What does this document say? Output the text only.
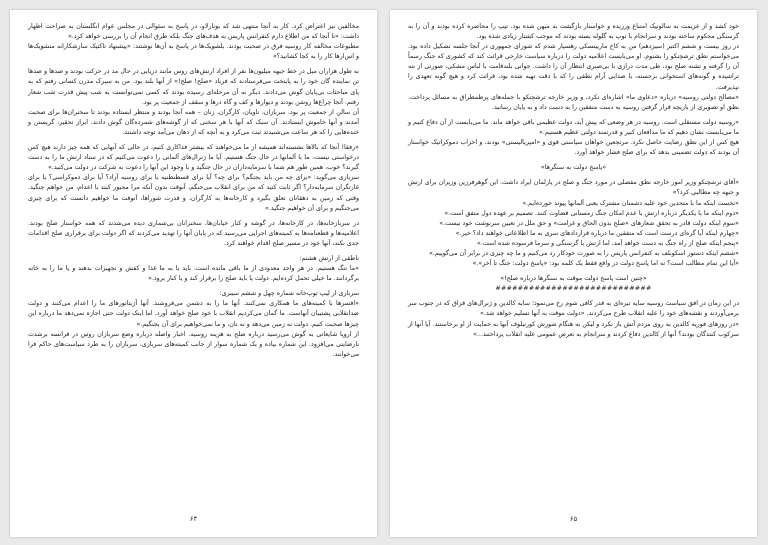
مخالفین نیز اعتراض کرد. کار به آنجا منتهی شد که بونارلاو، در پاسخ به سئوالی در مجلس عوام انگلستان به صراحت اظهار داشت: «تا آنجا که من اطلاع دارم کنفرانس پاریس به هدف‌های جنگ بلکه طرق انجام آن را بررسی خواهد کرد.»

مطبوعات مخالفه کار روسیه فرق در صحبت بودند. بلشویک‌ها در پاسخ به آن‌ها نوشتند: «پیشنهاد تاکتیک سازشکارانه منشویک‌ها و اس‌ارها کار را به کجا کشانید؟»

به طول هزاران میل در خط جبهه میلیون‌ها نفر از افراد ارتش‌های روس مانند دریایی در حال مد در حرکت بودند و صدها و صدها تن نماینده گان خود را به پایتخت می‌فرستادند که فریاد «صلح! صلح!» از آنها بلند بود. من به سیرک مدرن کسانی رفتم که به پای مباحثات بی‌پایان گوش می‌دادند. دیگر به آن مرحله‌ای رسیده بودند که کسی نمی‌توانست به شب پیش قدرت شب شعار رفتم. آنجا چراغ‌ها روشن بودند و دیوارها و کف و گاه درها و سقف از جمعیت پر بود.

آن سالن از جمعیت پر بود. سربازان، ناویان، کارگران، زنان – همه آنجا بودند و منتظر ایستاده بودند تا سخنران‌ها برای صحبت آمدند و آنها خاموش ایستادند. آن سبک که آنها با هر سخنی که از گوشه‌های شمرده‌گان گوش دادند، ابراز تحقیر، گریستن و خنده‌هایی را که هر ساعت می‌شنیدند ثبت می‌کرد و به آنچه که از دهان می‌آمد توجه داشتند.

«رفقا! آنجا که بالاها نشسته‌اند همیشه از ما می‌خواهند که بیشتر فداکاری کنیم، در حالی که آنهایی که همه چیز دارند هیچ کس درخواستی نیست. ما با آلمانها در حال جنگ هستیم. آیا ما ژنرال‌های آلمانی را دعوت می‌کنیم که در ستاد ارتش ما را به دست گیرند؟ خوب، همین طور هم شما با سرمایه‌داران در حال جنگید و با وجود این آنها را دعوت به شرکت در دولت می‌کنید.»

سربازی می‌گوید: «برای چه من باید بجنگم؟ برای چه؟ آیا برای قسطنطنیه یا برای روسیه آزاد؟ آیا برای دموکراسی؟ یا برای غارتگران سرمایه‌دار؟ اگر ثابت کنید که من برای انقلاب می‌جنگم، آنوقت بدون آنکه مرا مجبور کنند با اعدام، من خواهم جنگید. وقتی که زمین به دهقانان تعلق بگیرد و کارخانه‌ها به کارگران، و قدرت شوراها، آنوقت ما خواهیم دانست که برای چیزی می‌جنگیم و برای آن خواهیم جنگید.»

در سربازخانه‌ها، در کارخانه‌ها، در گوشه و کنار خیابان‌ها، سخنرانان بی‌شماری دیده می‌شدند که همه خواستار صلح بودند. اعلامیه‌ها و قطعنامه‌ها به کمیته‌های اجرایی می‌رسید که در پایان آنها را تهدید می‌کردند که اگر دولت برای برقراری صلح اقدامات جدی نکند، آنها خود در مسیر صلح اقدام خواهند کرد.

ناطقی از ارتش هشتم:

«ما تنگ هستیم. در هر واحد معدودی از ما باقی مانده است. باید یا به ما غذا و کفش و تجهیزات بدهند و یا ما را به خانه برگردانند. ما خیلی تحمل کرده‌ایم. دولت یا باید صلح را برقرار کند و یا کنار برود.»

سربازی از لیپ توپ‌خانه شماره چهل و ششم سیبری:

«افسرها با کمیته‌های ما همکاری نمی‌کنند. آنها ما را به دشمن می‌فروشند. آنها آژیتاتورهای ما را اعدام می‌کنند و دولت ضدانقلابی پشتیبان آنهاست. ما گمان می‌کردیم انقلاب با خود صلح خواهد آورد. اما اینک دولت حتی اجازه نمی‌دهد ما درباره این چیزها صحبت کنیم. دولت نه زمین می‌دهد و نه نان، و ما نمی‌خواهیم برای آن بجنگیم.»

از اروپا شایعاتی به گوش می‌رسید درباره صلح به هزینه روسیه. اخبار واصله درباره وضع سربازان روس در فرانسه برشدت نارضایتی می‌افزود. این شماره بیاده و یک شماره سوار از جانب کمیته‌های سربازی، سربازان را به طرد سیاست‌های حاکم فرا می‌خوانند.

۶۴

خود کشد و از عزیمت به سالونیک امتناع ورزیده و خواستار بازگشت به میهن شده بود. تیپ را محاصره کرده بودند و آن را به گرسنگی محکوم ساخته بودند و سرانجام با توپ به گلوله بسته بودند که موجب کشتار زیادی شده بود.

در روز بیست و ششم اکتبر (سیزدهم) من به کاخ ماریینسکی رهسپار شدم که شورای جمهوری در آنجا جلسه تشکیل داده بود. می‌خواستم نطق ترشچنکو را بشنوم. او می‌بایست اعلامیه دولت را درباره سیاست خارجی قرائت کند که کشوری که جنگ رسماً آن را گرفته و تشنه صلح بود، طی مدت درازی با بی‌صبری انتظار آن را داشت. جوانی بلندقامت با لباس مشکی، صورتی از تنه تراشیده و گونه‌های استخوانی برجسته، با صدایی آرام نطقی را که با دقت تهیه شده بود، قرائت کرد و هیچ گونه تعهدی را نپذیرفت.

«مصالح دولتی روسیه» درباره «دعاوی ما» اشاره‌ای نکرد، و وزیر خارجه ترشچنکو با جمله‌های پرطمطراق به مسائل پرداخت. نطق او تصویری از بازیچه قرار گرفتن روسیه به دست متفقین را به دست داد و به پایان رسانید.

«روسیه دولت مستقلی است. روسیه در هر وضعی که پیش آید، دولت عظیمی باقی خواهد ماند. ما می‌بایست از آن دفاع کنیم و ما می‌بایست نشان دهیم که ما مدافعان کبیر و قدرتمند دولتی عظیم هستیم.»

هیچ کس از این نطق رضایت حاصل نکرد. مرتجعین خواهان سیاستی قوی و «امپریالیستی» بودند، و احزاب دموکراتیک خواستار آن بودند که دولت تضمینی بدهد که برای صلح فشار خواهد آورد.

«پاسخ دولت به سنگرها»

«آقای ترشچنکو وزیر امور خارجه نطق مفصلی در مورد جنگ و صلح در پارلمان ایراد داشت. این گوهرفرزین وزیران برای ارتش و جبهه چه مطالبی کرد؟»

«نخست اینکه ما با متحدین خود علیه دشمنان مشترک یعنی آلمانها پیوند خورده‌ایم.»

«دوم اینکه ما با یکدیگر درباره ارتش با عدم امکان جنگ زمستانی قضاوت کنند. تصمیم بر عهده دول متفق است.»

«سوم اینکه دولت قادر به تحقق شعارهای «صلح بدون الحاق و غرامت» و حق ملل در تعیین سرنوشت خود نیست.»

«چهارم اینکه آیا گره‌ای درست است که متفقین ما درباره قراردادهای سری به ما اطلاعاتی خواهند داد؟ خیر.»

«پنجم اینکه صلح از راه جنگ به دست خواهد آمد، اما ارتش با گرسنگی و سرما فرسوده شده است.»

«ششم اینکه دستور اسکوبلف به کنفرانس پاریس را به صورت خودکار رد می‌کنیم و ما چه چیزی در برابر آن می‌گوییم.»

«آیا این تمام مطالب است؟ نه اما پاسخ دولت در واقع فقط یک کلمه بود: «پاسخ دولت: جنگ تا آخر».»

«چنین است پاسخ دولت موقت به سنگرها درباره صلح!»

############################

در این زمان در افق سیاست روسیه سایه تیره‌ای به قدر کافی شوم رخ می‌نمود؛ سایه کالدین و ژنرال‌های قزاق که در جنوب سر برمی‌آوردند و نقشه‌های خود را علیه انقلاب طرح می‌کردند. «دولت موقت به آنها تسلیم خواهد شد.»

«در روزهای فوریه کالدین به روی مردم آتش باز نکرد و لیکن به هنگام شورش کورنیلوف آنها به حمایت از او برخاستند. آیا آنها از سرکوب کنندگان بودند؟ آنها از کالدین دفاع کردند و سرانجام به تعرض عمومی علیه انقلاب پرداختند...»

۶۵
